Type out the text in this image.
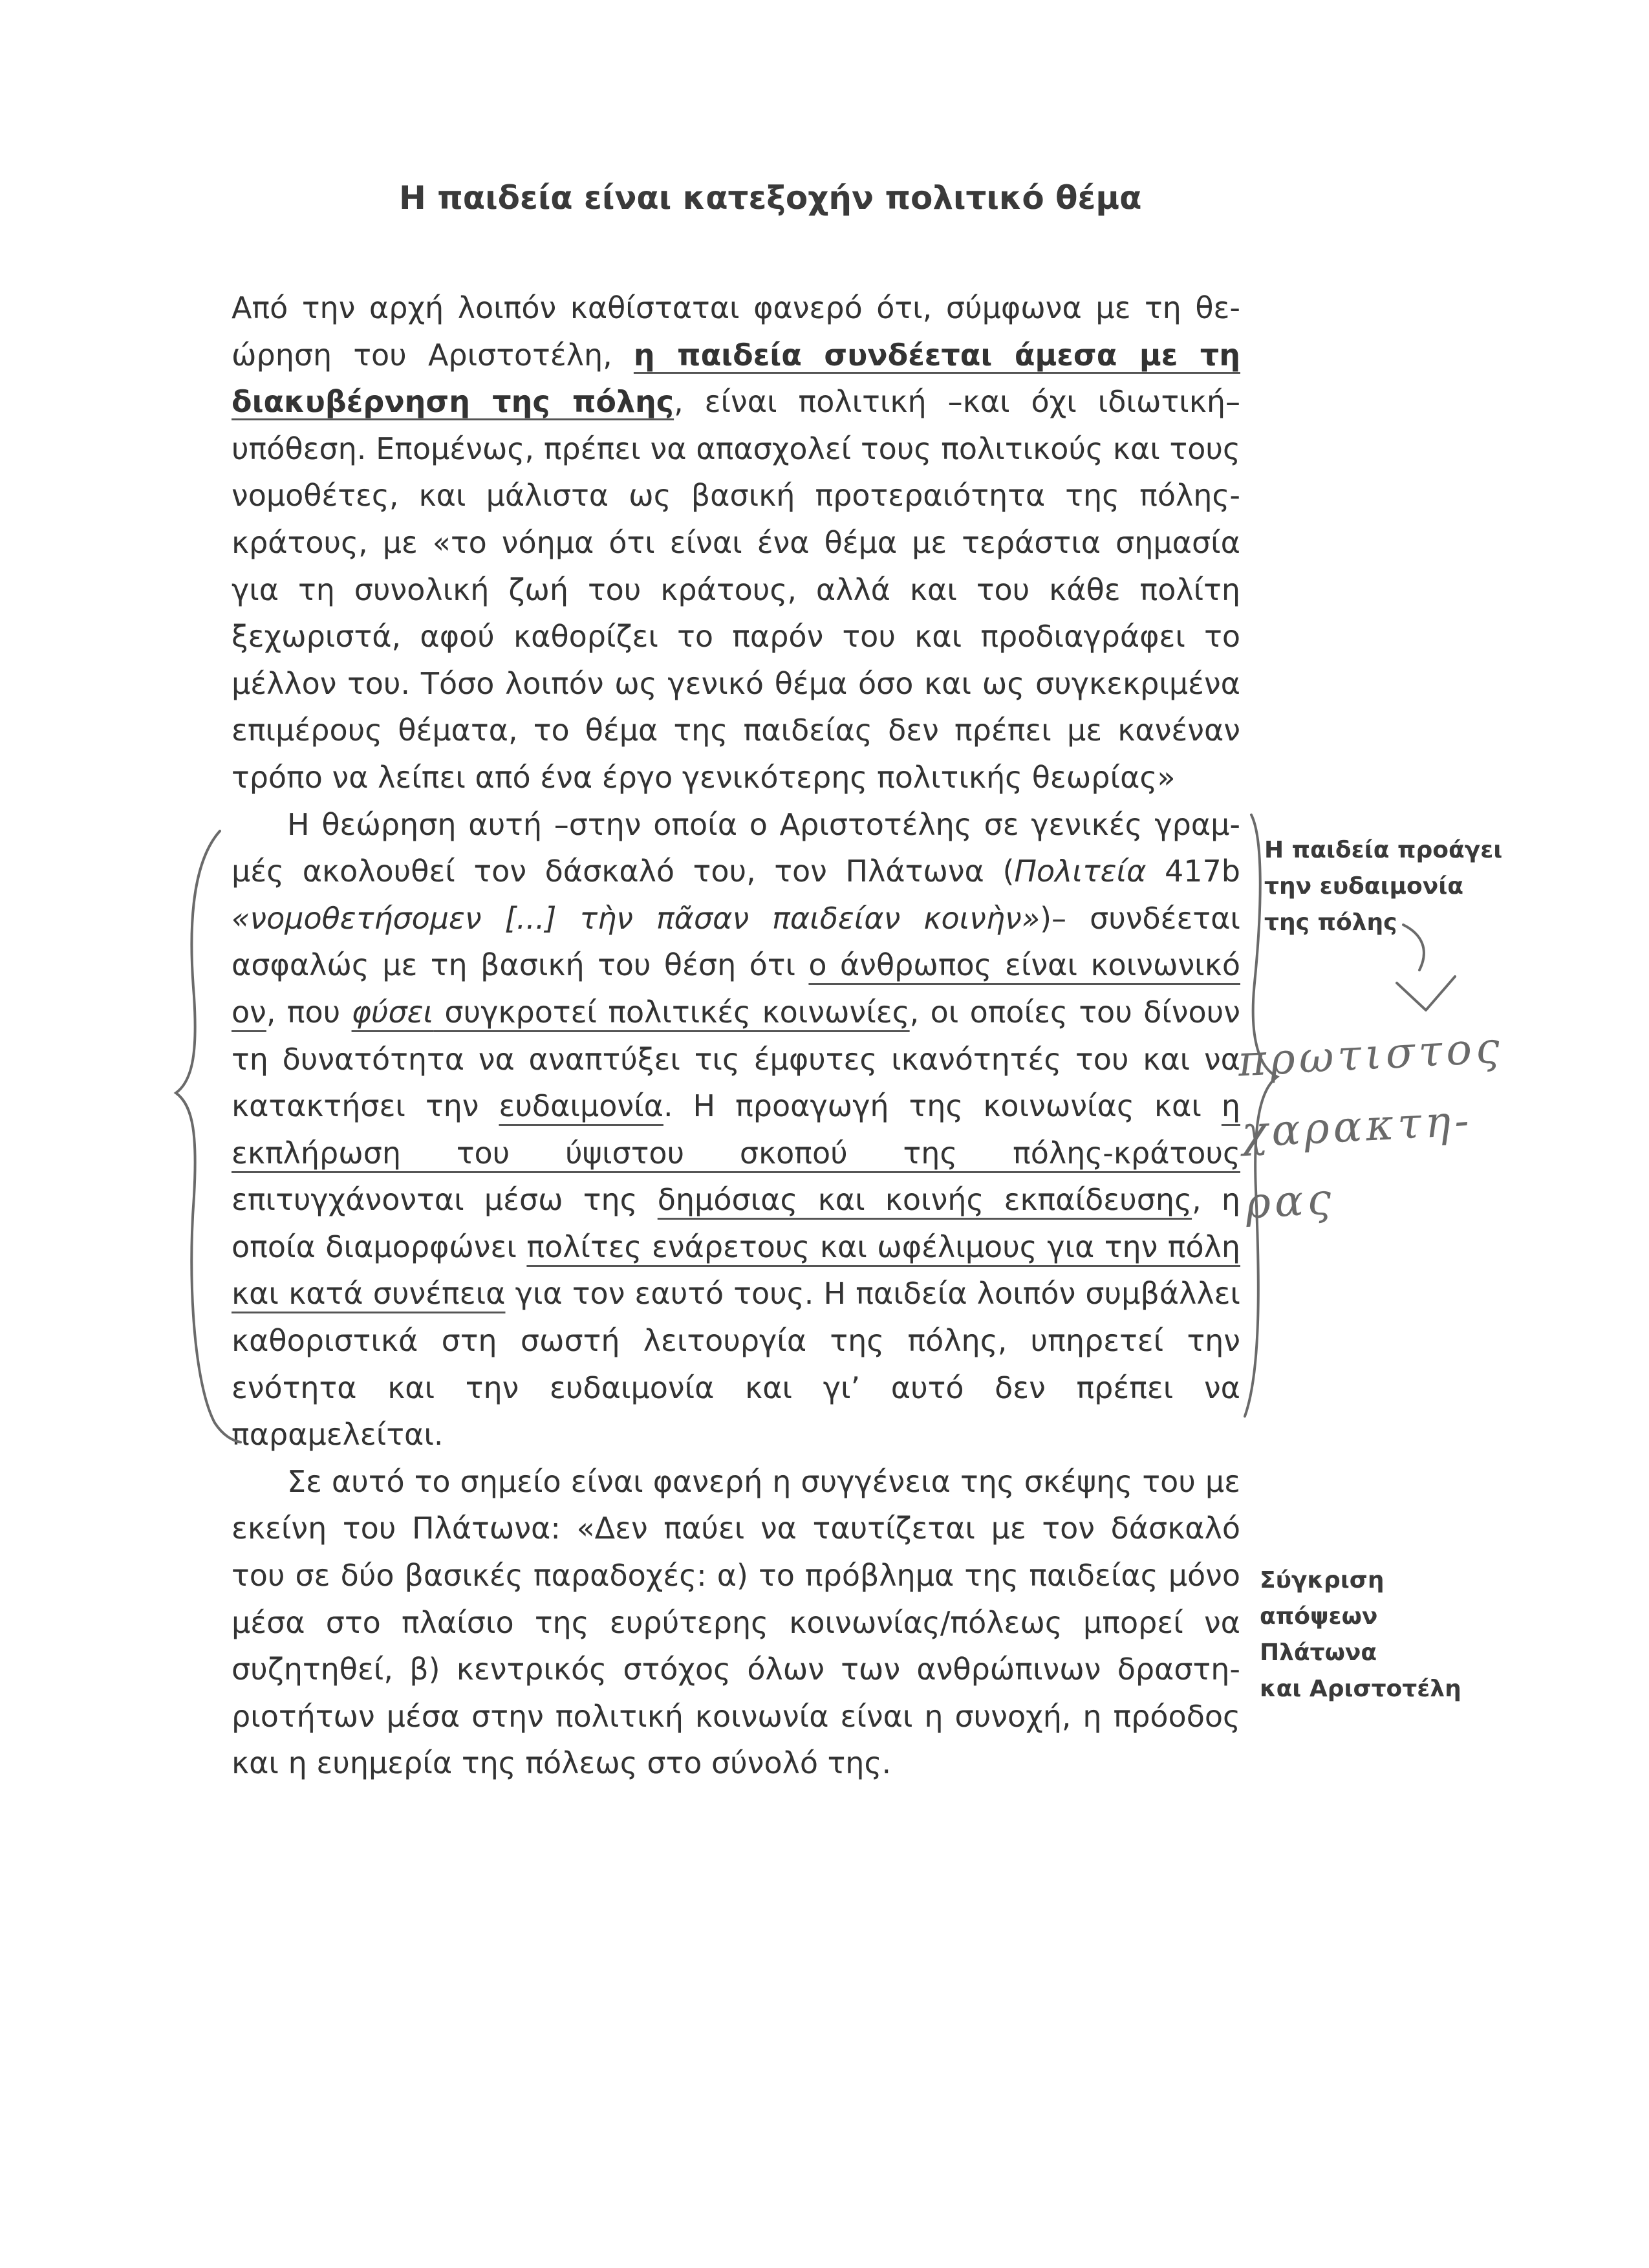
Η παιδεία είναι κατεξοχήν πολιτικό θέμα

Από την αρχή λοιπόν καθίσταται φανερό ότι, σύμφωνα με τη θεώρηση του Αριστοτέλη, η παιδεία συνδέεται άμεσα με τη διακυβέρνηση της πόλης, είναι πολιτική –και όχι ιδιωτική– υπόθεση. Επομένως, πρέπει να απασχολεί τους πολιτικούς και τους νομοθέτες, και μάλιστα ως βασική προτεραιότητα της πόλης-κράτους, με «το νόημα ότι είναι ένα θέμα με τεράστια σημασία για τη συνολική ζωή του κράτους, αλλά και του κάθε πολίτη ξεχωριστά, αφού καθορίζει το παρόν του και προδιαγράφει το μέλλον του. Τόσο λοιπόν ως γενικό θέμα όσο και ως συγκεκριμένα επιμέρους θέματα, το θέμα της παιδείας δεν πρέπει με κανέναν τρόπο να λείπει από ένα έργο γενικότερης πολιτικής θεωρίας»

Η θεώρηση αυτή –στην οποία ο Αριστοτέλης σε γενικές γραμμές ακολουθεί τον δάσκαλό του, τον Πλάτωνα (Πολιτεία 417b «νομοθετήσομεν [...] τὴν πᾶσαν παιδείαν κοινὴν»)– συνδέεται ασφαλώς με τη βασική του θέση ότι ο άνθρωπος είναι κοινωνικό ον, που φύσει συγκροτεί πολιτικές κοινωνίες, οι οποίες του δίνουν τη δυνατότητα να αναπτύξει τις έμφυτες ικανότητές του και να κατακτήσει την ευδαιμονία. Η προαγωγή της κοινωνίας και η εκπλήρωση του ύψιστου σκοπού της πόλης-κράτους επιτυγχάνονται μέσω της δημόσιας και κοινής εκπαίδευσης, η οποία διαμορφώνει πολίτες ενάρετους και ωφέλιμους για την πόλη και κατά συνέπεια για τον εαυτό τους. Η παιδεία λοιπόν συμβάλλει καθοριστικά στη σωστή λειτουργία της πόλης, υπηρετεί την ενότητα και την ευδαιμονία και γι’ αυτό δεν πρέπει να παραμελείται.

Σε αυτό το σημείο είναι φανερή η συγγένεια της σκέψης του με εκείνη του Πλάτωνα: «Δεν παύει να ταυτίζεται με τον δάσκαλό του σε δύο βασικές παραδοχές: α) το πρόβλημα της παιδείας μόνο μέσα στο πλαίσιο της ευρύτερης κοινωνίας/πόλεως μπορεί να συζητηθεί, β) κεντρικός στόχος όλων των ανθρώπινων δραστηριοτήτων μέσα στην πολιτική κοινωνία είναι η συνοχή, η πρόοδος και η ευημερία της πόλεως στο σύνολό της.

Η παιδεία προάγει
την ευδαιμονία
της πόλης
Σύγκριση
απόψεων
Πλάτωνα
και Αριστοτέλη
πρωτιστος
χαρακτη-
ρας
